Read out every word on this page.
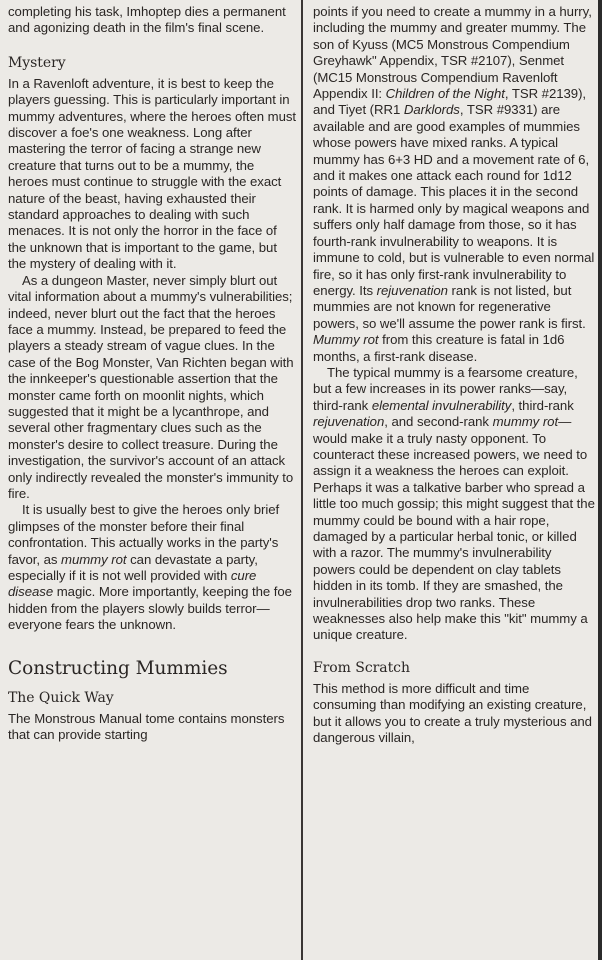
completing his task, Imhoptep dies a permanent and agonizing death in the film's final scene.

Mystery

In a Ravenloft adventure, it is best to keep the players guessing. This is particularly important in mummy adventures, where the heroes often must discover a foe's one weakness. Long after mastering the terror of facing a strange new creature that turns out to be a mummy, the heroes must continue to struggle with the exact nature of the beast, having exhausted their standard approaches to dealing with such menaces. It is not only the horror in the face of the unknown that is important to the game, but the mystery of dealing with it.

As a dungeon Master, never simply blurt out vital information about a mummy's vulnerabilities; indeed, never blurt out the fact that the heroes face a mummy. Instead, be prepared to feed the players a steady stream of vague clues. In the case of the Bog Monster, Van Richten began with the innkeeper's questionable assertion that the monster came forth on moonlit nights, which suggested that it might be a lycanthrope, and several other fragmentary clues such as the monster's desire to collect treasure. During the investigation, the survivor's account of an attack only indirectly revealed the monster's immunity to fire.

It is usually best to give the heroes only brief glimpses of the monster before their final confrontation. This actually works in the party's favor, as mummy rot can devastate a party, especially if it is not well provided with cure disease magic. More importantly, keeping the foe hidden from the players slowly builds terror—everyone fears the unknown.

Constructing Mummies
The Quick Way

The Monstrous Manual tome contains monsters that can provide starting

points if you need to create a mummy in a hurry, including the mummy and greater mummy. The son of Kyuss (MC5 Monstrous Compendium Greyhawk" Appendix, TSR #2107), Senmet (MC15 Monstrous Compendium Ravenloft Appendix II: Children of the Night, TSR #2139), and Tiyet (RR1 Darklords, TSR #9331) are available and are good examples of mummies whose powers have mixed ranks. A typical mummy has 6+3 HD and a movement rate of 6, and it makes one attack each round for 1d12 points of damage. This places it in the second rank. It is harmed only by magical weapons and suffers only half damage from those, so it has fourth-rank invulnerability to weapons. It is immune to cold, but is vulnerable to even normal fire, so it has only first-rank invulnerability to energy. Its rejuvenation rank is not listed, but mummies are not known for regenerative powers, so we'll assume the power rank is first. Mummy rot from this creature is fatal in 1d6 months, a first-rank disease.

The typical mummy is a fearsome creature, but a few increases in its power ranks—say, third-rank elemental invulnerability, third-rank rejuvenation, and second-rank mummy rot— would make it a truly nasty opponent. To counteract these increased powers, we need to assign it a weakness the heroes can exploit. Perhaps it was a talkative barber who spread a little too much gossip; this might suggest that the mummy could be bound with a hair rope, damaged by a particular herbal tonic, or killed with a razor. The mummy's invulnerability powers could be dependent on clay tablets hidden in its tomb. If they are smashed, the invulnerabilities drop two ranks. These weaknesses also help make this "kit" mummy a unique creature.

From Scratch

This method is more difficult and time consuming than modifying an existing creature, but it allows you to create a truly mysterious and dangerous villain,
